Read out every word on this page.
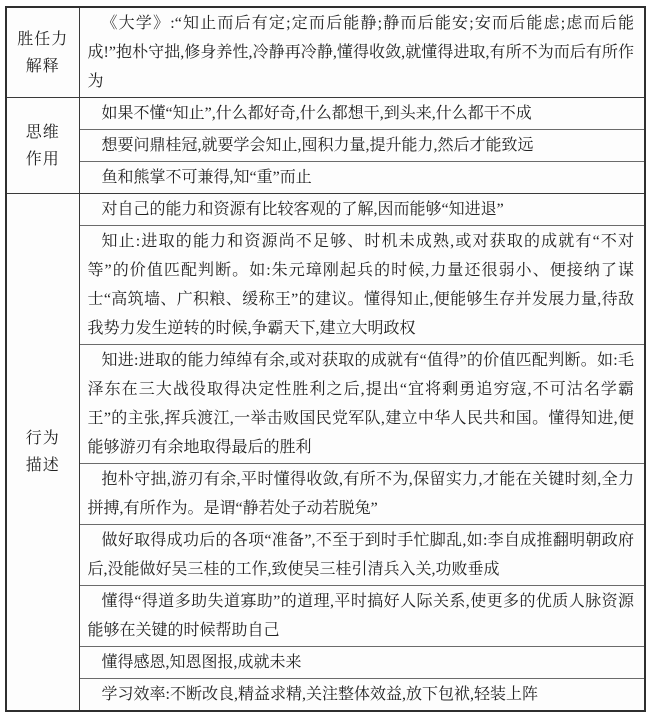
胜任力
解释	《大学》:“知止而后有定;定而后能静;静而后能安;安而后能虑;虑而后能成!”抱朴守拙,修身养性,冷静再冷静,懂得收敛,就懂得进取,有所不为而后有所作为

思维
作用	如果不懂“知止”,什么都好奇,什么都想干,到头来,什么都干不成

	想要问鼎桂冠,就要学会知止,囤积力量,提升能力,然后才能致远

	鱼和熊掌不可兼得,知“重”而止

行为
描述	对自己的能力和资源有比较客观的了解,因而能够“知进退”

	知止:进取的能力和资源尚不足够、时机未成熟,或对获取的成就有“不对等”的价值匹配判断。如:朱元璋刚起兵的时候,力量还很弱小、便接纳了谋士“高筑墙、广积粮、缓称王”的建议。懂得知止,便能够生存并发展力量,待敌我势力发生逆转的时候,争霸天下,建立大明政权

	知进:进取的能力绰绰有余,或对获取的成就有“值得”的价值匹配判断。如:毛泽东在三大战役取得决定性胜利之后,提出“宜将剩勇追穷寇,不可沽名学霸王”的主张,挥兵渡江,一举击败国民党军队,建立中华人民共和国。懂得知进,便能够游刃有余地取得最后的胜利

	抱朴守拙,游刃有余,平时懂得收敛,有所不为,保留实力,才能在关键时刻,全力拼搏,有所作为。是谓“静若处子动若脱兔”

	做好取得成功后的各项“准备”,不至于到时手忙脚乱,如:李自成推翻明朝政府后,没能做好吴三桂的工作,致使吴三桂引清兵入关,功败垂成

	懂得“得道多助失道寡助”的道理,平时搞好人际关系,使更多的优质人脉资源能够在关键的时候帮助自己

	懂得感恩,知恩图报,成就未来

	学习效率:不断改良,精益求精,关注整体效益,放下包袱,轻装上阵
